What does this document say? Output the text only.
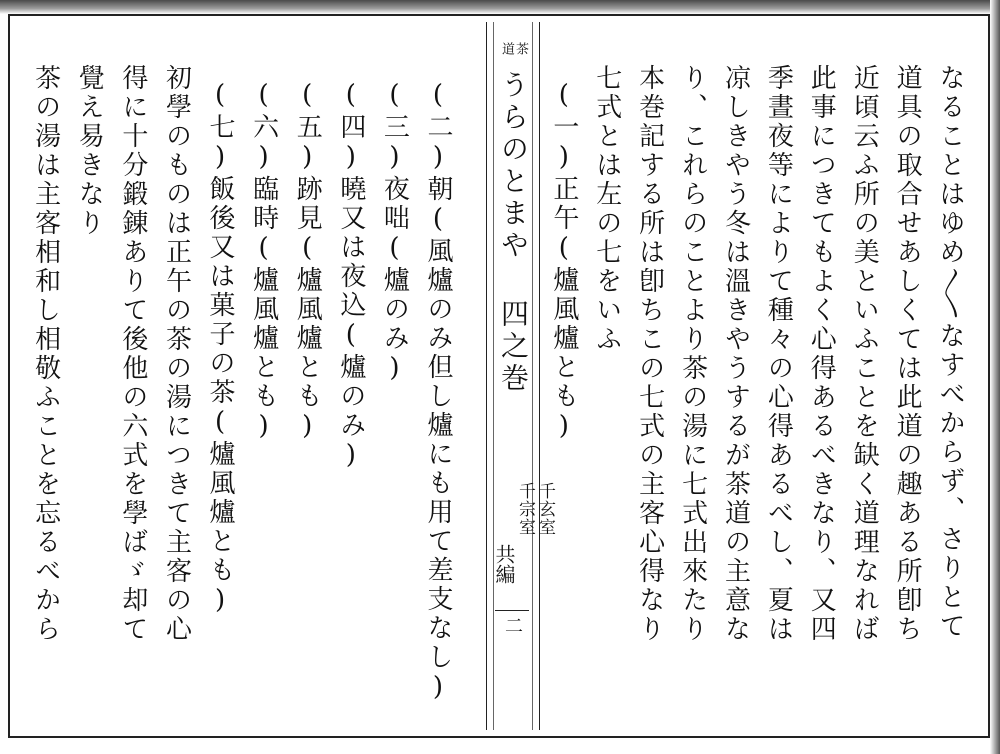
なることはゆめ〳〵なすべからず、さりとて
道具の取合せあしくては此道の趣ある所卽ち
近頃云ふ所の美といふことを缺く道理なれば
此事につきてもよく心得あるべきなり、又四
季晝夜等によりて種々の心得あるべし、夏は
凉しきやう冬は溫きやうするが茶道の主意な
り、これらのことより茶の湯に七式出來たり
本巻記する所は卽ちこの七式の主客心得なり
七式とは左の七をいふ
(一)正午(爐風爐とも)
茶
道
うらのとまや 四之巻
千玄室
千宗室
共編
二
(二)朝(風爐のみ但し爐にも用て差支なし)
(三)夜咄(爐のみ)
(四)曉又は夜込(爐のみ)
(五)跡見(爐風爐とも)
(六)臨時(爐風爐とも)
(七)飯後又は菓子の茶(爐風爐とも)
初學のものは正午の茶の湯につきて主客の心
得に十分鍛錬ありて後他の六式を學ばゞ却て
覺え易きなり
茶の湯は主客相和し相敬ふことを忘るべから
